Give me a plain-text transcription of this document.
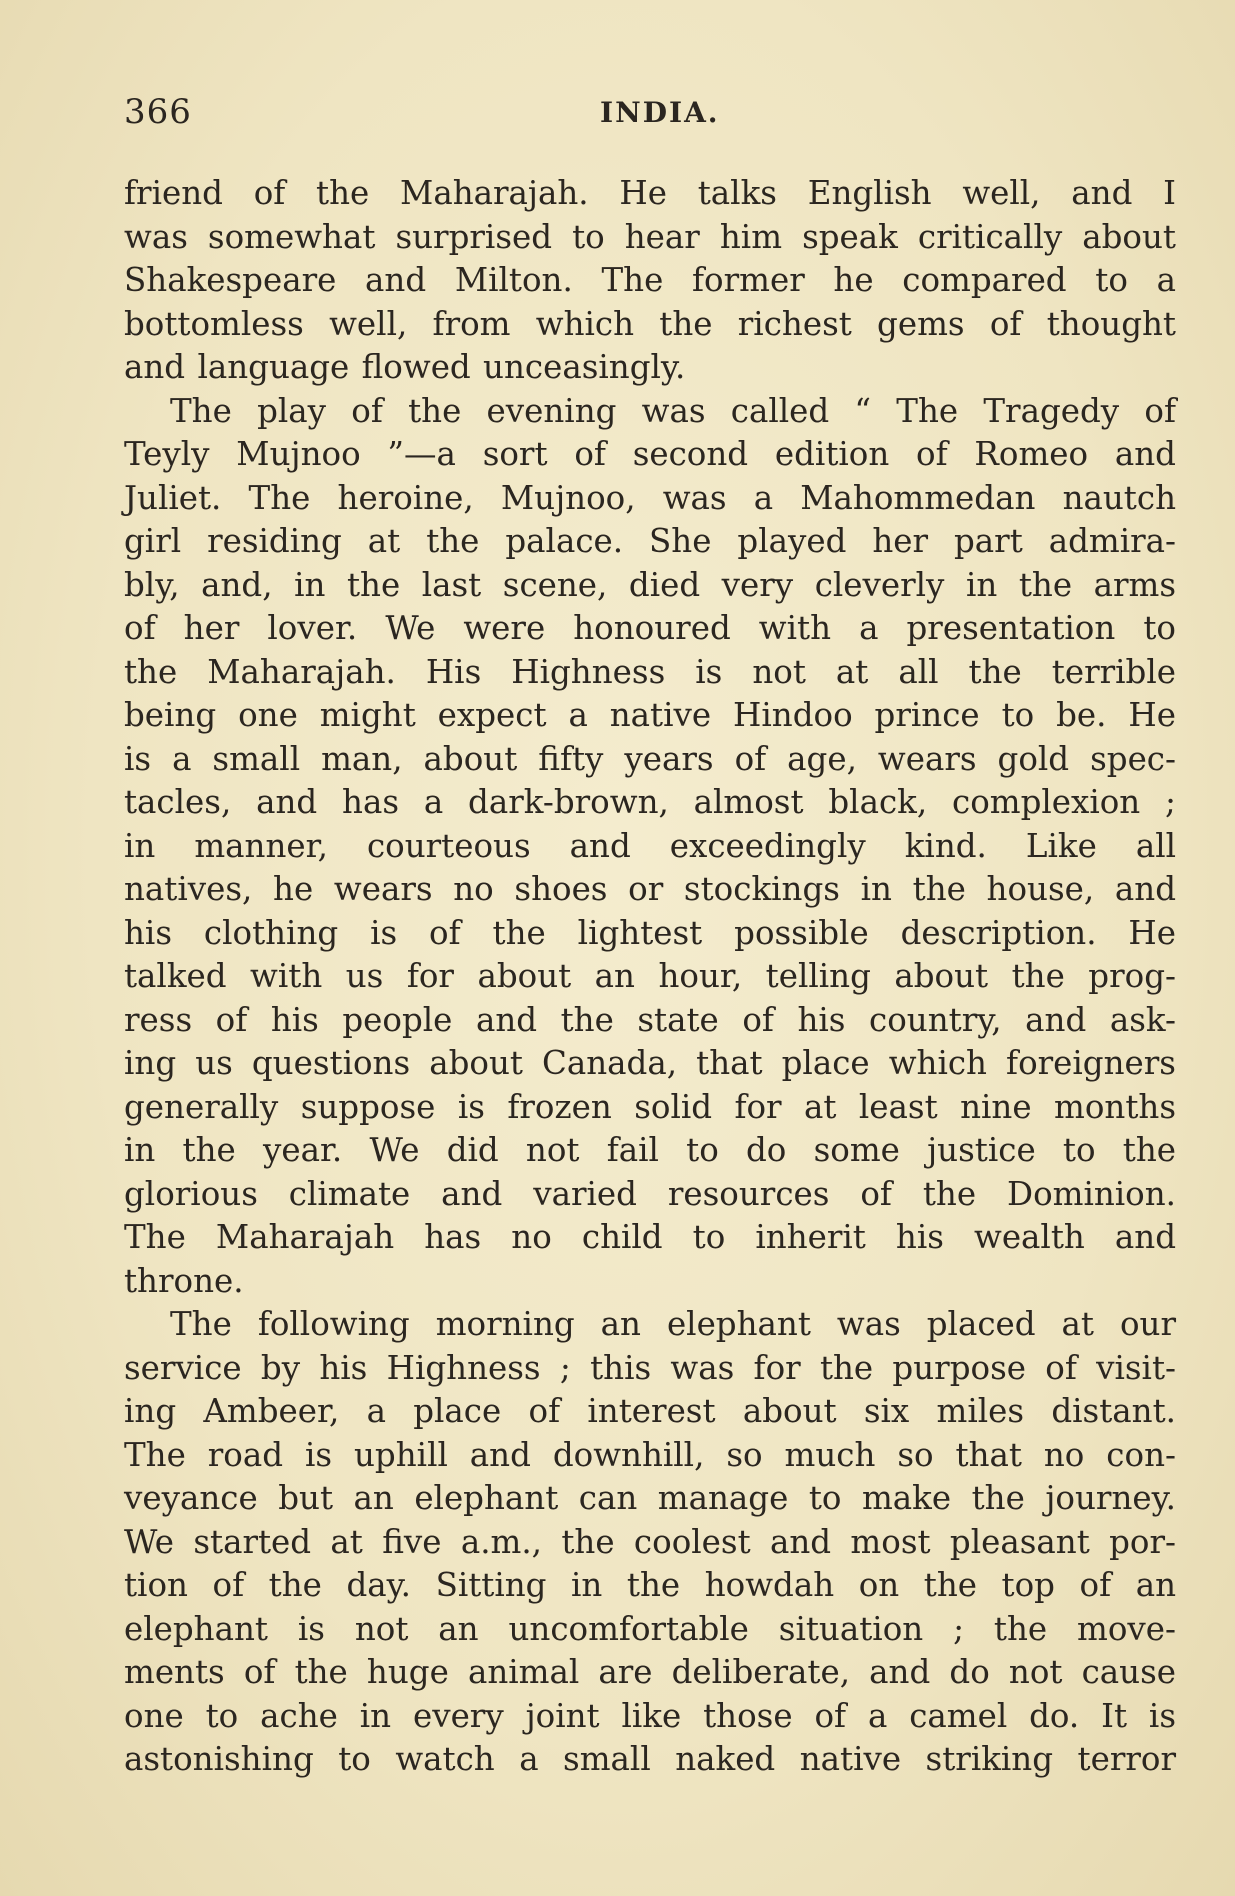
366	INDIA.
friend of the Maharajah. He talks English well, and I
was somewhat surprised to hear him speak critically about
Shakespeare and Milton. The former he compared to a
bottomless well, from which the richest gems of thought
and language flowed unceasingly.
The play of the evening was called “ The Tragedy of
Teyly Mujnoo ”—a sort of second edition of Romeo and
Juliet. The heroine, Mujnoo, was a Mahommedan nautch
girl residing at the palace. She played her part admira-
bly, and, in the last scene, died very cleverly in the arms
of her lover. We were honoured with a presentation to
the Maharajah. His Highness is not at all the terrible
being one might expect a native Hindoo prince to be. He
is a small man, about fifty years of age, wears gold spec-
tacles, and has a dark-brown, almost black, complexion ;
in manner, courteous and exceedingly kind. Like all
natives, he wears no shoes or stockings in the house, and
his clothing is of the lightest possible description. He
talked with us for about an hour, telling about the prog-
ress of his people and the state of his country, and ask-
ing us questions about Canada, that place which foreigners
generally suppose is frozen solid for at least nine months
in the year. We did not fail to do some justice to the
glorious climate and varied resources of the Dominion.
The Maharajah has no child to inherit his wealth and
throne.
The following morning an elephant was placed at our
service by his Highness ; this was for the purpose of visit-
ing Ambeer, a place of interest about six miles distant.
The road is uphill and downhill, so much so that no con-
veyance but an elephant can manage to make the journey.
We started at five a.m., the coolest and most pleasant por-
tion of the day. Sitting in the howdah on the top of an
elephant is not an uncomfortable situation ; the move-
ments of the huge animal are deliberate, and do not cause
one to ache in every joint like those of a camel do. It is
astonishing to watch a small naked native striking terror
